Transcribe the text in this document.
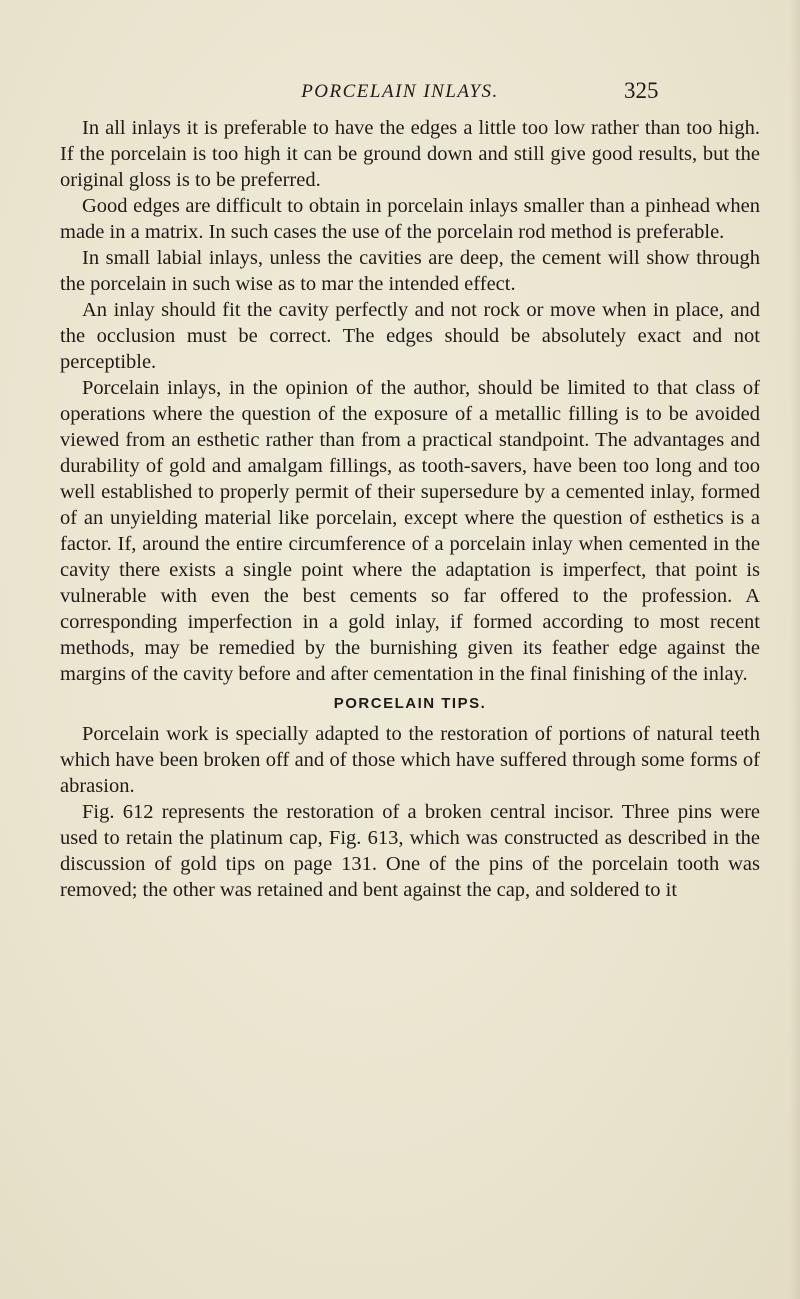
PORCELAIN INLAYS.	325

In all inlays it is preferable to have the edges a little too low rather than too high. If the porcelain is too high it can be ground down and still give good results, but the original gloss is to be preferred.

Good edges are difficult to obtain in porcelain inlays smaller than a pinhead when made in a matrix. In such cases the use of the porcelain rod method is preferable.

In small labial inlays, unless the cavities are deep, the cement will show through the porcelain in such wise as to mar the intended effect.

An inlay should fit the cavity perfectly and not rock or move when in place, and the occlusion must be correct. The edges should be absolutely exact and not perceptible.

Porcelain inlays, in the opinion of the author, should be limited to that class of operations where the question of the exposure of a metallic filling is to be avoided viewed from an esthetic rather than from a practical standpoint. The advantages and durability of gold and amalgam fillings, as tooth-savers, have been too long and too well established to properly permit of their supersedure by a cemented inlay, formed of an unyielding material like porcelain, except where the question of esthetics is a factor. If, around the entire circumference of a porcelain inlay when cemented in the cavity there exists a single point where the adaptation is imperfect, that point is vulnerable with even the best cements so far offered to the profession. A corresponding imperfection in a gold inlay, if formed according to most recent methods, may be remedied by the burnishing given its feather edge against the margins of the cavity before and after cementation in the final finishing of the inlay.

PORCELAIN TIPS.

Porcelain work is specially adapted to the restoration of portions of natural teeth which have been broken off and of those which have suffered through some forms of abrasion.

Fig. 612 represents the restoration of a broken central incisor. Three pins were used to retain the platinum cap, Fig. 613, which was constructed as described in the discussion of gold tips on page 131. One of the pins of the porcelain tooth was removed; the other was retained and bent against the cap, and soldered to it
